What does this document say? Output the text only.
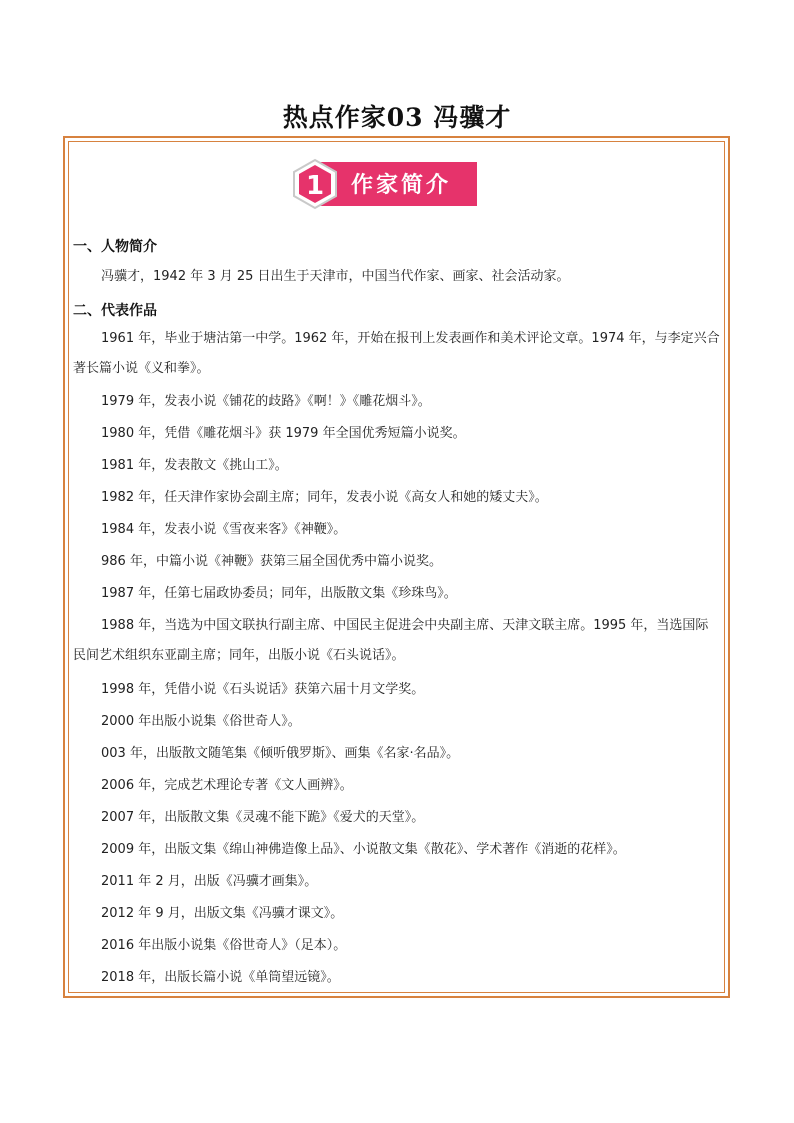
热点作家03 冯骥才
1 作家简介
一、人物简介
冯骥才，1942 年 3 月 25 日出生于天津市，中国当代作家、画家、社会活动家。
二、代表作品
1961 年，毕业于塘沽第一中学。1962 年，开始在报刊上发表画作和美术评论文章。1974 年，与李定兴合著长篇小说《义和拳》。
1979 年，发表小说《铺花的歧路》《啊！》《雕花烟斗》。
1980 年，凭借《雕花烟斗》获 1979 年全国优秀短篇小说奖。
1981 年，发表散文《挑山工》。
1982 年，任天津作家协会副主席；同年，发表小说《高女人和她的矮丈夫》。
1984 年，发表小说《雪夜来客》《神鞭》。
986 年，中篇小说《神鞭》获第三届全国优秀中篇小说奖。
1987 年，任第七届政协委员；同年，出版散文集《珍珠鸟》。
1988 年，当选为中国文联执行副主席、中国民主促进会中央副主席、天津文联主席。1995 年，当选国际民间艺术组织东亚副主席；同年，出版小说《石头说话》。
1998 年，凭借小说《石头说话》获第六届十月文学奖。
2000 年出版小说集《俗世奇人》。
003 年，出版散文随笔集《倾听俄罗斯》、画集《名家·名品》。
2006 年，完成艺术理论专著《文人画辨》。
2007 年，出版散文集《灵魂不能下跪》《爱犬的天堂》。
2009 年，出版文集《绵山神佛造像上品》、小说散文集《散花》、学术著作《消逝的花样》。
2011 年 2 月，出版《冯骥才画集》。
2012 年 9 月，出版文集《冯骥才课文》。
2016 年出版小说集《俗世奇人》（足本）。
2018 年，出版长篇小说《单筒望远镜》。
